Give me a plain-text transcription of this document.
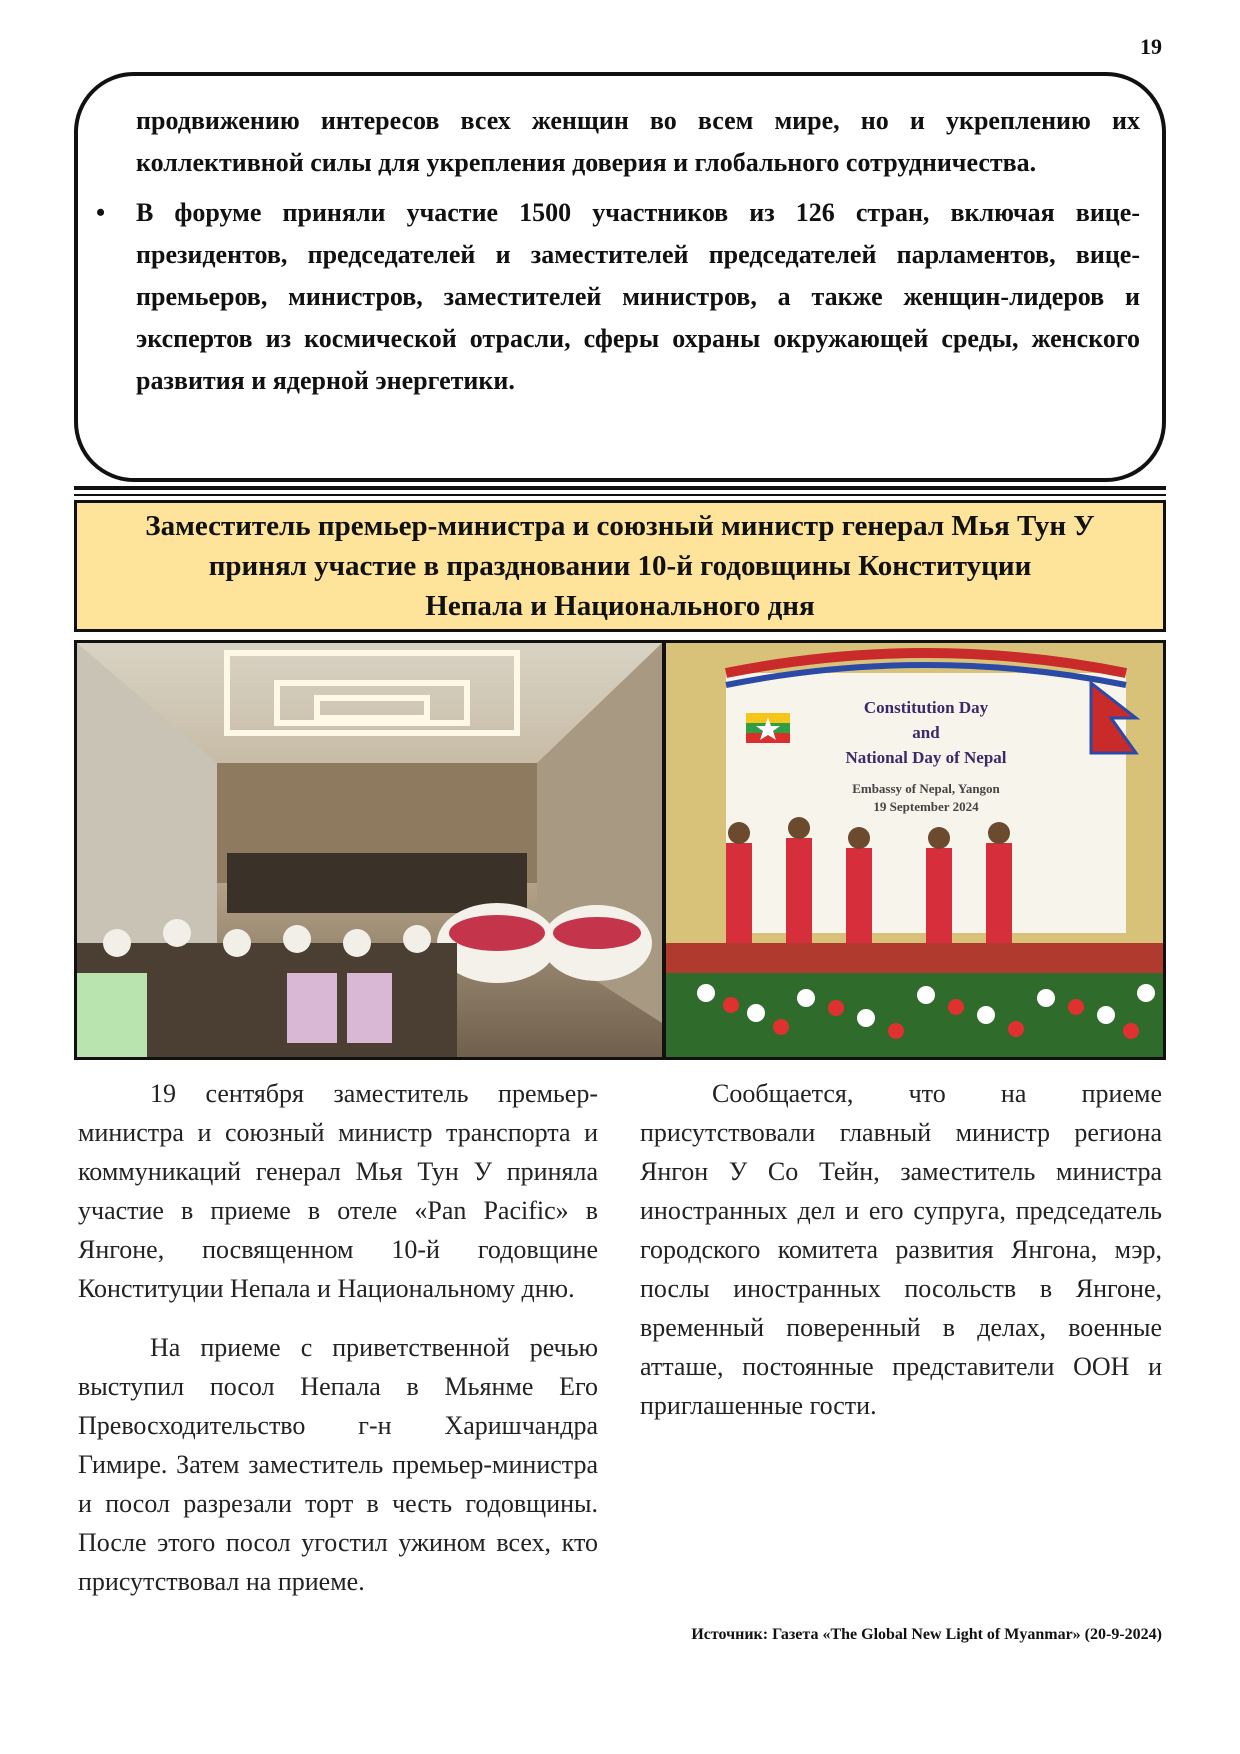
19

продвижению интересов всех женщин во всем мире, но и укреплению их коллективной силы для укрепления доверия и глобального сотрудничества.

• В форуме приняли участие 1500 участников из 126 стран, включая вице-президентов, председателей и заместителей председателей парламентов, вице-премьеров, министров, заместителей министров, а также женщин-лидеров и экспертов из космической отрасли, сферы охраны окружающей среды, женского развития и ядерной энергетики.
Заместитель премьер-министра и союзный министр генерал Мья Тун У
принял участие в праздновании 10-й годовщины Конституции
Непала и Национального дня
Constitution Day
and
National Day of Nepal
Embassy of Nepal, Yangon
19 September 2024

19 сентября заместитель премьер-министра и союзный министр транспорта и коммуникаций генерал Мья Тун У приняла участие в приеме в отеле «Pan Pacific» в Янгоне, посвященном 10-й годовщине Конституции Непала и Национальному дню.

На приеме с приветственной речью выступил посол Непала в Мьянме Его Превосходительство г-н Харишчандра Гимире. Затем заместитель премьер-министра и посол разрезали торт в честь годовщины. После этого посол угостил ужином всех, кто присутствовал на приеме.

Сообщается, что на приеме присутствовали главный министр региона Янгон У Со Тейн, заместитель министра иностранных дел и его супруга, председатель городского комитета развития Янгона, мэр, послы иностранных посольств в Янгоне, временный поверенный в делах, военные атташе, постоянные представители ООН и приглашенные гости.

Источник: Газета «The Global New Light of Myanmar» (20-9-2024)
